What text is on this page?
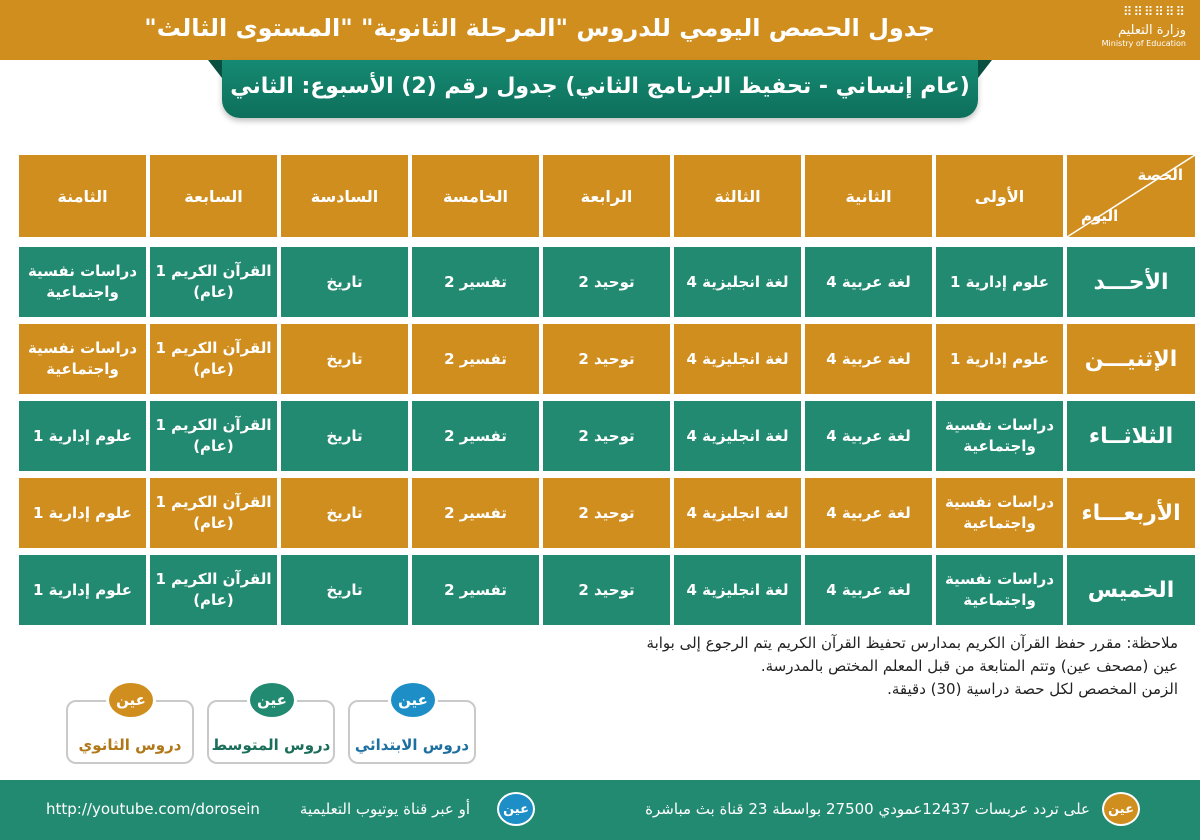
جدول الحصص اليومي للدروس "المرحلة الثانوية" "المستوى الثالث"
⠿⠿⠿⠿⠿⠿
وزارة التعليم
Ministry of Education
(عام إنساني - تحفيظ البرنامج الثاني) جدول رقم (2) الأسبوع: الثاني
الحصة
اليوم	الأولى	الثانية	الثالثة	الرابعة	الخامسة	السادسة	السابعة	الثامنة

الأحـــد	علوم إدارية 1	لغة عربية 4	لغة انجليزية 4	توحيد 2	تفسير 2	تاريخ	القرآن الكريم 1 (عام)	دراسات نفسية واجتماعية

الإثنيـــن	علوم إدارية 1	لغة عربية 4	لغة انجليزية 4	توحيد 2	تفسير 2	تاريخ	القرآن الكريم 1 (عام)	دراسات نفسية واجتماعية

الثلاثــاء	دراسات نفسية واجتماعية	لغة عربية 4	لغة انجليزية 4	توحيد 2	تفسير 2	تاريخ	القرآن الكريم 1 (عام)	علوم إدارية 1

الأربعـــاء	دراسات نفسية واجتماعية	لغة عربية 4	لغة انجليزية 4	توحيد 2	تفسير 2	تاريخ	القرآن الكريم 1 (عام)	علوم إدارية 1

الخميس	دراسات نفسية واجتماعية	لغة عربية 4	لغة انجليزية 4	توحيد 2	تفسير 2	تاريخ	القرآن الكريم 1 (عام)	علوم إدارية 1
ملاحظة: مقرر حفظ القرآن الكريم بمدارس تحفيظ القرآن الكريم يتم الرجوع إلى بوابة
عين (مصحف عين) وتتم المتابعة من قبل المعلم المختص بالمدرسة.
الزمن المخصص لكل حصة دراسية (30) دقيقة.
عين
دروس الابتدائي
عين
دروس المتوسط
عين
دروس الثانوي
عين
على تردد عربسات 12437عمودي 27500 بواسطة 23 قناة بث مباشرة
عين
أو عبر قناة يوتيوب التعليمية
http://youtube.com/dorosein
